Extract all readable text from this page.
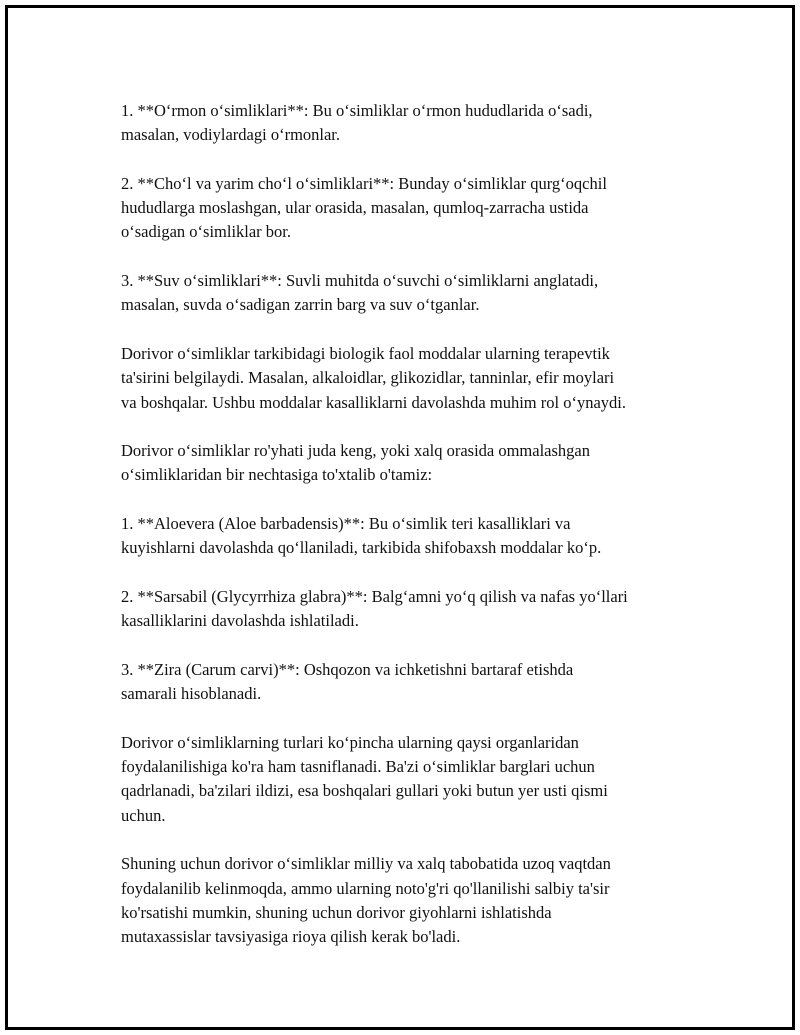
1. **O‘rmon o‘simliklari**: Bu o‘simliklar o‘rmon hududlarida o‘sadi,
masalan, vodiylardagi o‘rmonlar.

2. **Cho‘l va yarim cho‘l o‘simliklari**: Bunday o‘simliklar qurg‘oqchil
hududlarga moslashgan, ular orasida, masalan, qumloq-zarracha ustida
o‘sadigan o‘simliklar bor.

3. **Suv o‘simliklari**: Suvli muhitda o‘suvchi o‘simliklarni anglatadi,
masalan, suvda o‘sadigan zarrin barg va suv o‘tganlar.

Dorivor o‘simliklar tarkibidagi biologik faol moddalar ularning terapevtik
ta'sirini belgilaydi. Masalan, alkaloidlar, glikozidlar, tanninlar, efir moylari
va boshqalar. Ushbu moddalar kasalliklarni davolashda muhim rol o‘ynaydi.

Dorivor o‘simliklar ro'yhati juda keng, yoki xalq orasida ommalashgan
o‘simliklaridan bir nechtasiga to'xtalib o'tamiz:

1. **Aloevera (Aloe barbadensis)**: Bu o‘simlik teri kasalliklari va
kuyishlarni davolashda qo‘llaniladi, tarkibida shifobaxsh moddalar ko‘p.

2. **Sarsabil (Glycyrrhiza glabra)**: Balg‘amni yo‘q qilish va nafas yo‘llari
kasalliklarini davolashda ishlatiladi.

3. **Zira (Carum carvi)**: Oshqozon va ichketishni bartaraf etishda
samarali hisoblanadi.

Dorivor o‘simliklarning turlari ko‘pincha ularning qaysi organlaridan
foydalanilishiga ko'ra ham tasniflanadi. Ba'zi o‘simliklar barglari uchun
qadrlanadi, ba'zilari ildizi, esa boshqalari gullari yoki butun yer usti qismi
uchun.

Shuning uchun dorivor o‘simliklar milliy va xalq tabobatida uzoq vaqtdan
foydalanilib kelinmoqda, ammo ularning noto'g'ri qo'llanilishi salbiy ta'sir
ko'rsatishi mumkin, shuning uchun dorivor giyohlarni ishlatishda
mutaxassislar tavsiyasiga rioya qilish kerak bo'ladi.
